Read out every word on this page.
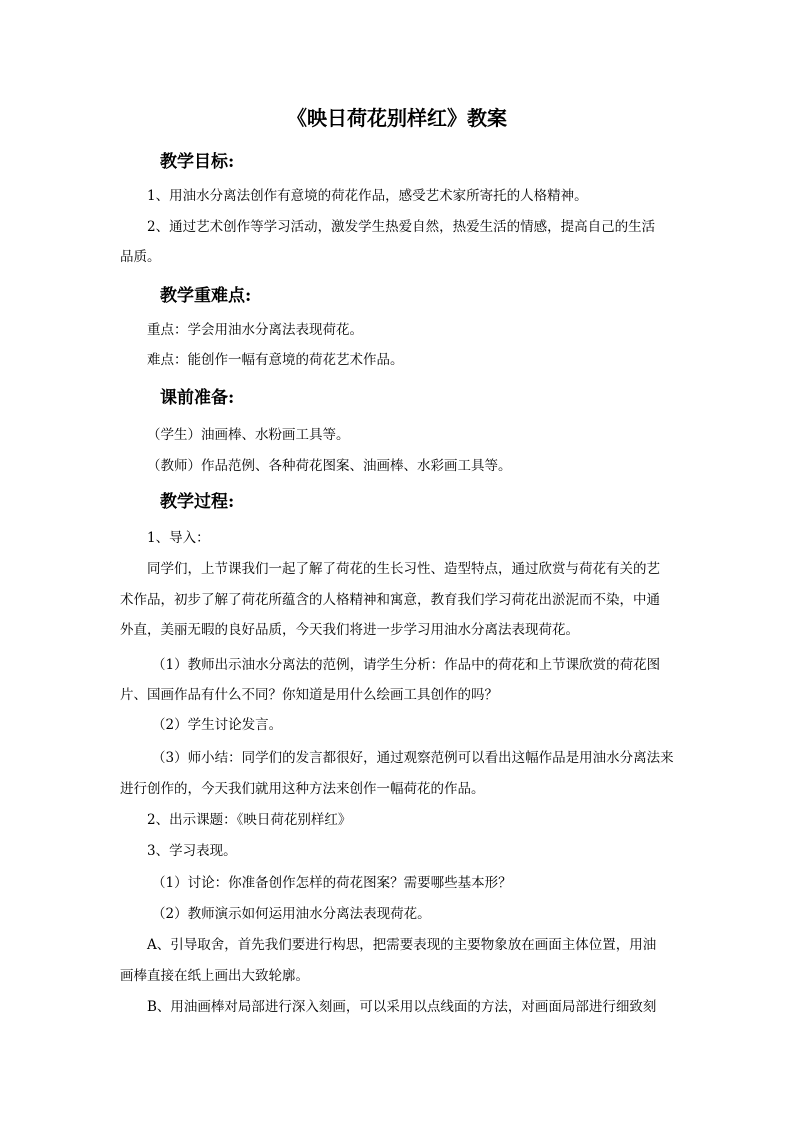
《映日荷花别样红》教案
教学目标:
1、用油水分离法创作有意境的荷花作品，感受艺术家所寄托的人格精神。
2、通过艺术创作等学习活动，激发学生热爱自然，热爱生活的情感，提高自己的生活
品质。
教学重难点:
重点：学会用油水分离法表现荷花。
难点：能创作一幅有意境的荷花艺术作品。
课前准备:
（学生）油画棒、水粉画工具等。
（教师）作品范例、各种荷花图案、油画棒、水彩画工具等。
教学过程:
1、导入：
同学们，上节课我们一起了解了荷花的生长习性、造型特点，通过欣赏与荷花有关的艺
术作品，初步了解了荷花所蕴含的人格精神和寓意，教育我们学习荷花出淤泥而不染，中通
外直，美丽无暇的良好品质，今天我们将进一步学习用油水分离法表现荷花。
（1）教师出示油水分离法的范例，请学生分析：作品中的荷花和上节课欣赏的荷花图
片、国画作品有什么不同？你知道是用什么绘画工具创作的吗？
（2）学生讨论发言。
（3）师小结：同学们的发言都很好，通过观察范例可以看出这幅作品是用油水分离法来
进行创作的，今天我们就用这种方法来创作一幅荷花的作品。
2、出示课题：《映日荷花别样红》
3、学习表现。
（1）讨论：你准备创作怎样的荷花图案？需要哪些基本形？
（2）教师演示如何运用油水分离法表现荷花。
A、引导取舍，首先我们要进行构思，把需要表现的主要物象放在画面主体位置，用油
画棒直接在纸上画出大致轮廓。
B、用油画棒对局部进行深入刻画，可以采用以点线面的方法，对画面局部进行细致刻
